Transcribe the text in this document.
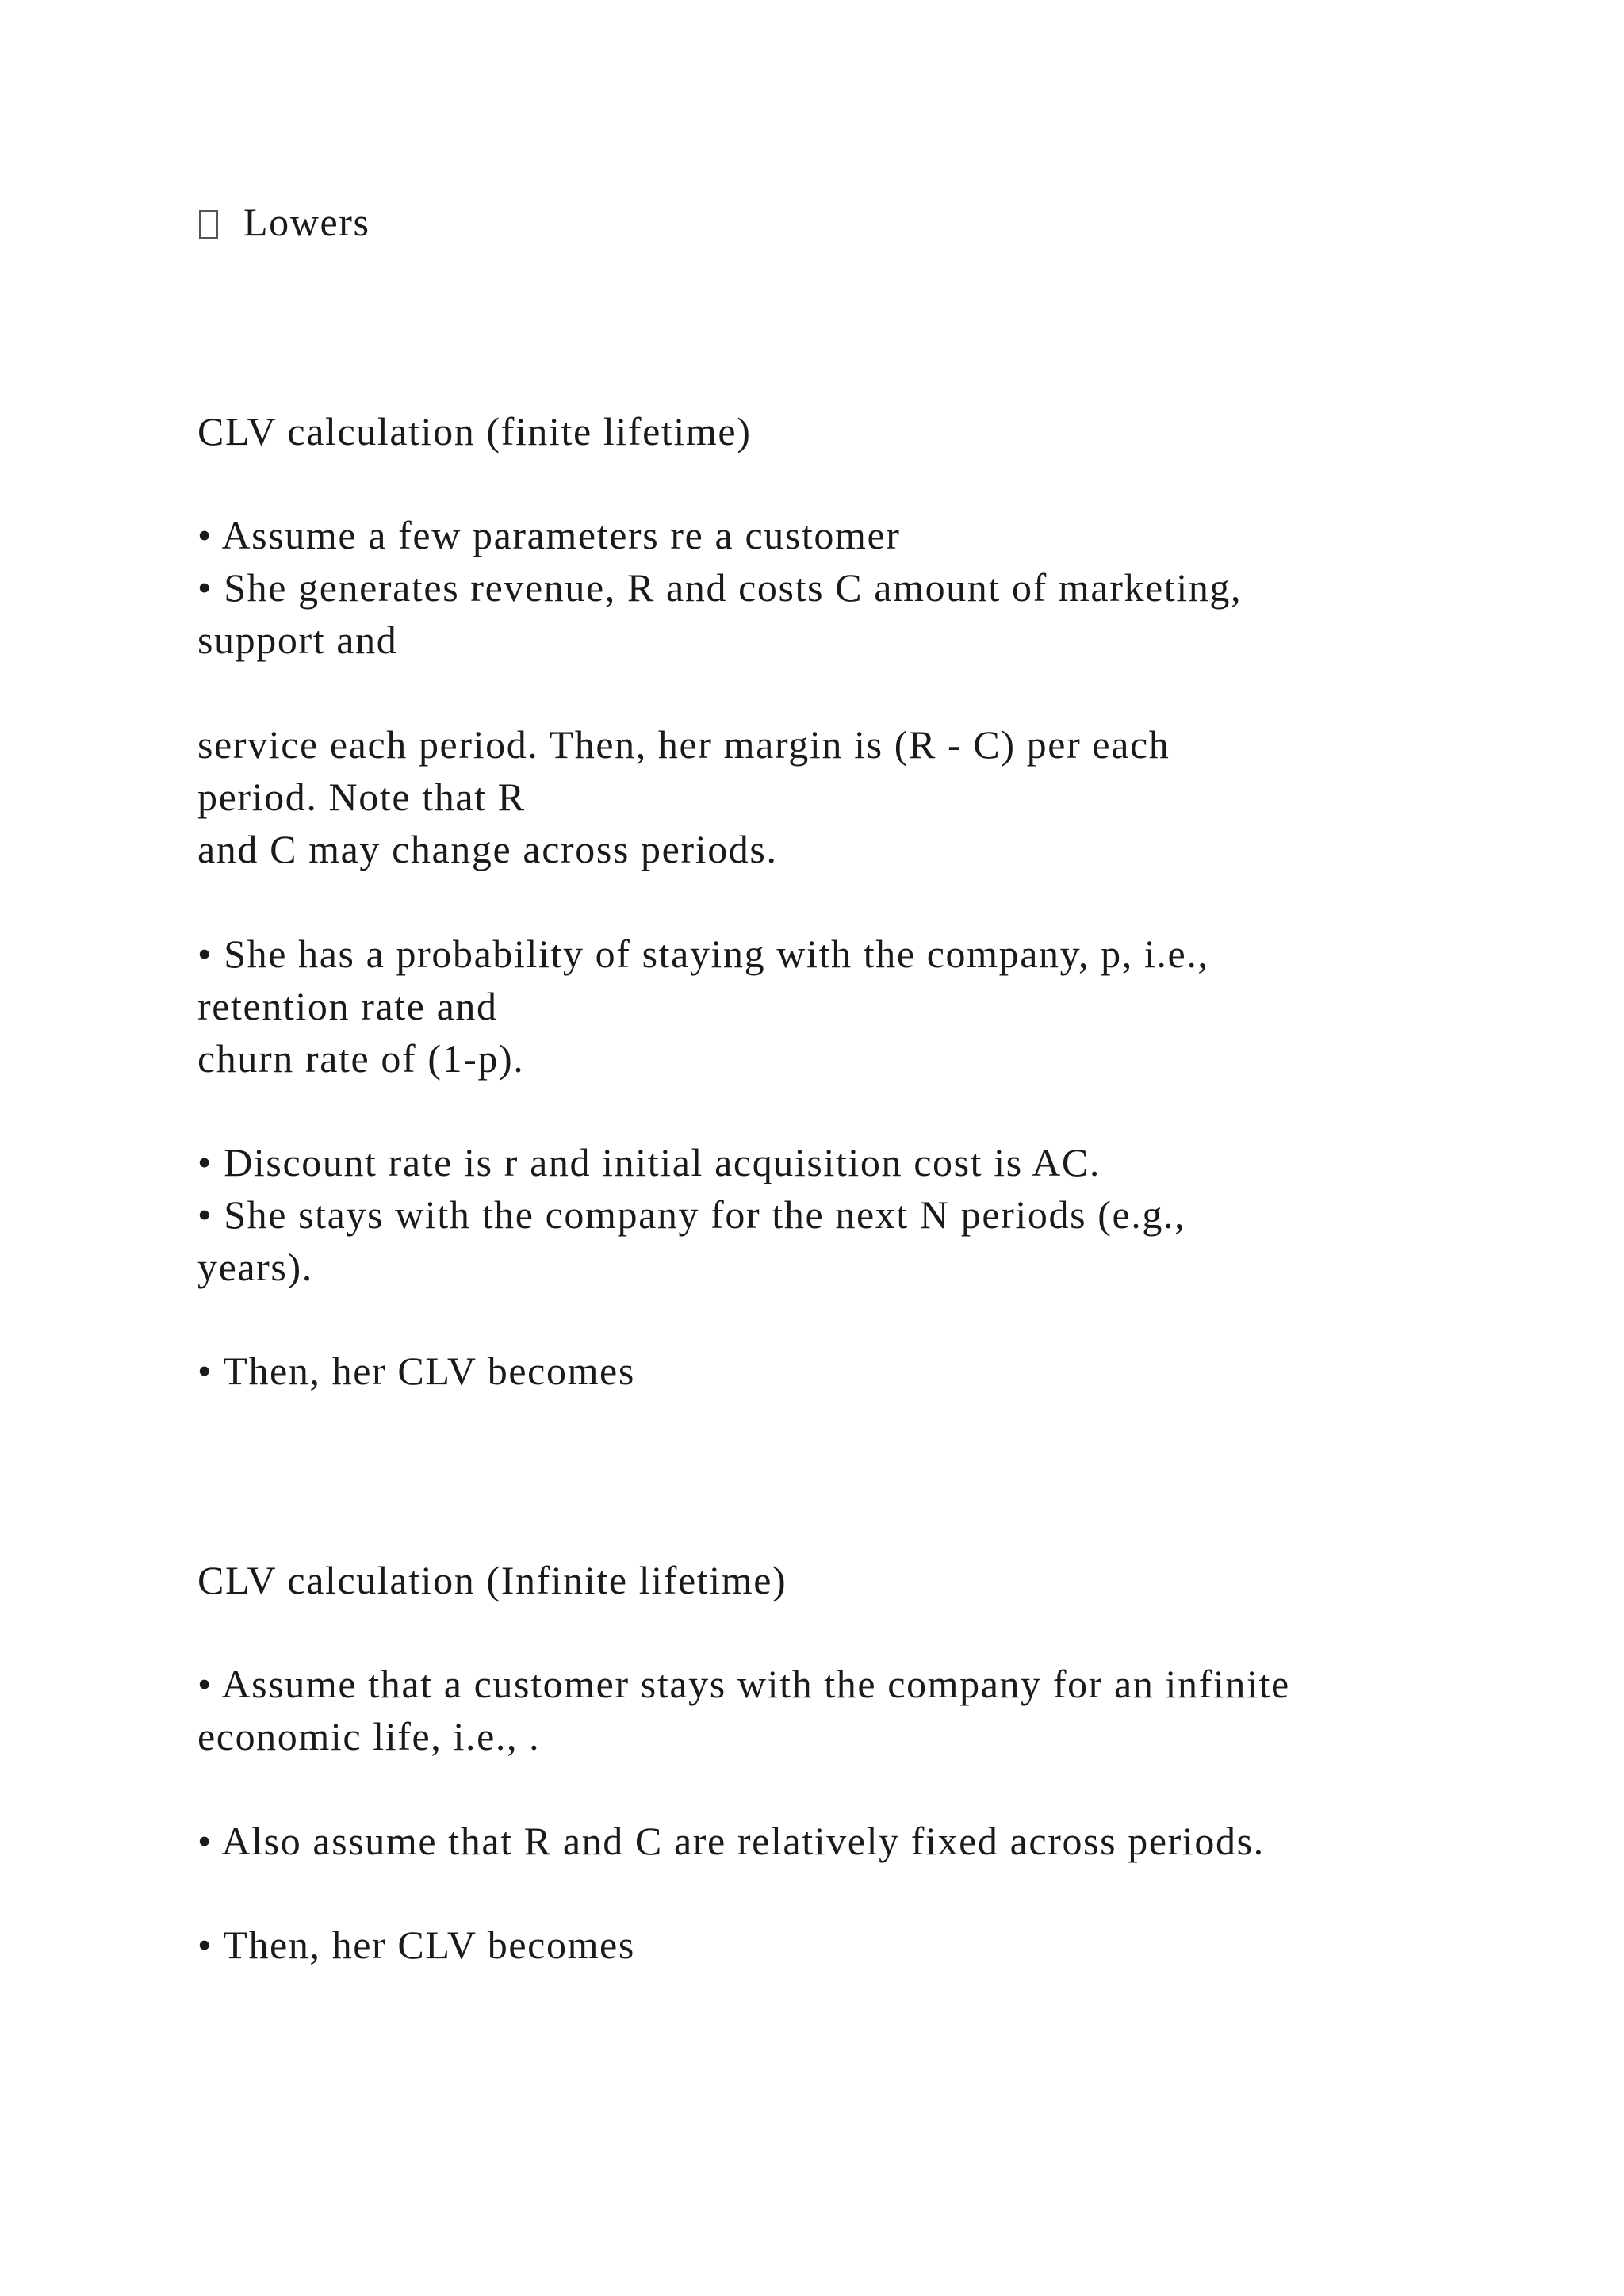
Lowers
CLV calculation (finite lifetime)
• Assume a few parameters re a customer
• She generates revenue, R and costs C amount of marketing,
support and
service each period. Then, her margin is (R - C) per each
period. Note that R
and C may change across periods.
• She has a probability of staying with the company, p, i.e.,
retention rate and
churn rate of (1-p).
• Discount rate is r and initial acquisition cost is AC.
• She stays with the company for the next N periods (e.g.,
years).
• Then, her CLV becomes
CLV calculation (Infinite lifetime)
• Assume that a customer stays with the company for an infinite
economic life, i.e., .
• Also assume that R and C are relatively fixed across periods.
• Then, her CLV becomes
